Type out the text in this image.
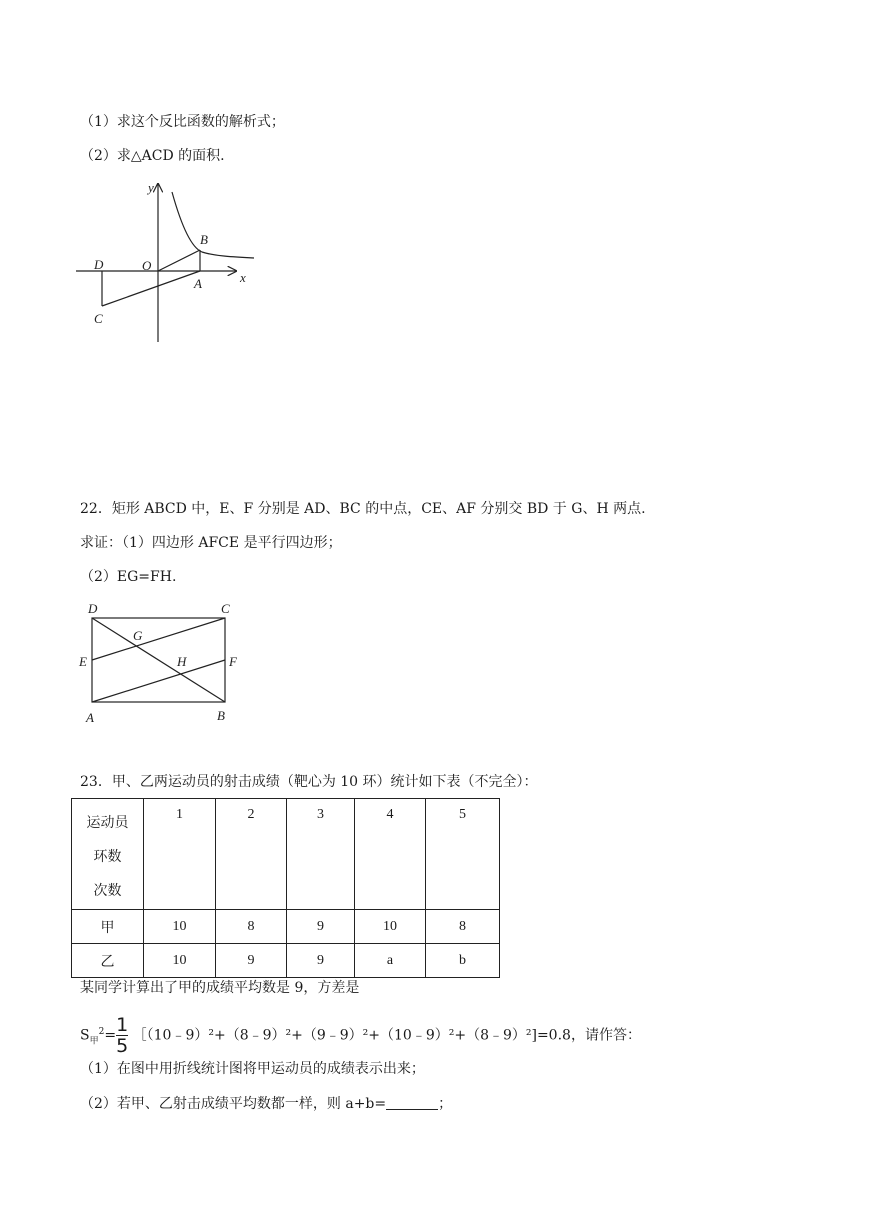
（1）求这个反比函数的解析式；
（2）求△ACD 的面积.
y
x
O
A
B
C
D
22．矩形 ABCD 中，E、F 分别是 AD、BC 的中点，CE、AF 分别交 BD 于 G、H 两点.
求证：（1）四边形 AFCE 是平行四边形；
（2）EG=FH.
A	B
C
D
E	F
G
H
23．甲、乙两运动员的射击成绩（靶心为 10 环）统计如下表（不完全）：
运动员
环数
次数	1	2	3	4	5
甲	10	8	9	10	8
乙	10	9	9	a	b
某同学计算出了甲的成绩平均数是 9，方差是
$S_甲^2=\frac{1}{5}$ ［（10﹣9）²+（8﹣9）²+（9﹣9）²+（10﹣9）²+（8﹣9）²]=0.8，请作答：
（1）在图中用折线统计图将甲运动员的成绩表示出来；
（2）若甲、乙射击成绩平均数都一样，则 a+b=	；
